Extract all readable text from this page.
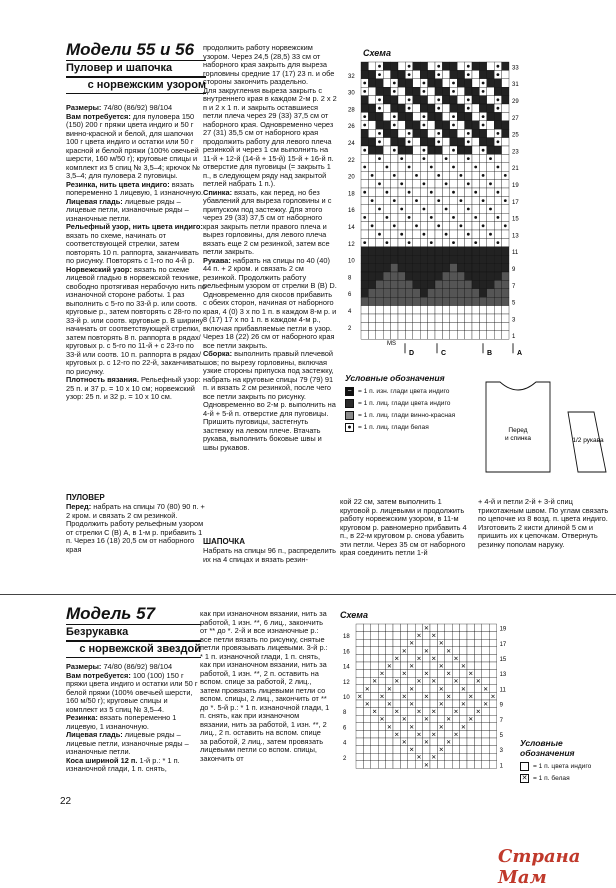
Модели 55 и 56
Пуловер и шапочка
с норвежским узором

Размеры: 74/80 (86/92) 98/104

Вам потребуется: для пуловера 150 (150) 200 г пряжи цвета индиго и 50 г винно-красной и белой, для шапочки 100 г цвета индиго и остатки или 50 г красной и белой пряжи (100% овечьей шерсти, 160 м/50 г); круговые спицы и комплект из 5 спиц № 3,5–4; крючок № 3,5–4; для пуловера 2 пуговицы.

Резинка, нить цвета индиго: вязать попеременно 1 лицевую, 1 изнаночную.

Лицевая гладь: лицевые ряды – лицевые петли, изнаночные ряды – изнаночные петли.

Рельефный узор, нить цвета индиго: вязать по схеме, начинать от соответствующей стрелки, затем повторять 10 п. раппорта, заканчивать по рисунку. Повторять с 1-го по 4-й р.

Норвежский узор: вязать по схеме лицевой гладью в норвежской технике, свободно протягивая нерабочую нить по изнаночной стороне работы. 1 раз выполнить с 5-го по 33-й р. или соотв. круговые р., затем повторять с 28-го по 33-й р. или соотв. круговые р. В ширину начинать от соответствующей стрелки, затем повторять 8 п. раппорта в рядах/круговых р. с 5-го по 11-й + с 23-го по 33-й или соотв. 10 п. раппорта в рядах/круговых р. с 12-го по 22-й, заканчивать по рисунку.

Плотность вязания. Рельефный узор: 25 п. и 37 р. = 10 x 10 см; норвежский узор: 25 п. и 32 р. = 10 x 10 см.

ПУЛОВЕР

Перед: набрать на спицы 70 (80) 90 п. + 2 кром. и связать 2 см резинкой. Продолжить работу рельефным узором от стрелки С (В) А, в 1-м р. прибавить 1 п. Через 16 (18) 20,5 см от наборного края

продолжить работу норвежским узором. Через 24,5 (28,5) 33 см от наборного края закрыть для выреза горловины средние 17 (17) 23 п. и обе стороны закончить раздельно.

Для закругления выреза закрыть с внутреннего края в каждом 2-м р. 2 x 2 п и 2 x 1 п. и закрыть оставшиеся петли плеча через 29 (33) 37,5 см от наборного края. Одновременно через 27 (31) 35,5 см от наборного края продолжить работу для левого плеча резинкой и через 1 см выполнить на 11-й + 12-й (14-й + 15-й) 15-й + 16-й п. отверстие для пуговицы (= закрыть 1 п., в следующем ряду над закрытой петлей набрать 1 п.).

Спинка: вязать, как перед, но без убавлений для выреза горловины и с припуском под застежку. Для этого через 29 (33) 37,5 см от наборного края закрыть петли правого плеча и вырез горловины, для левого плеча вязать еще 2 см резинкой, затем все петли закрыть.

Рукава: набрать на спицы по 40 (40) 44 п. + 2 кром. и связать 2 см резинкой. Продолжить работу рельефным узором от стрелки В (В) D. Одновременно для скосов прибавить с обеих сторон, начиная от наборного края, 4 (0) 3 x по 1 п. в каждом 8-м р. и 8 (17) 17 x по 1 п. в каждом 4-м р., включая прибавляемые петли в узор. Через 18 (22) 26 см от наборного края все петли закрыть.

Сборка: выполнить правый плечевой шов; по вырезу горловины, включая узкие стороны припуска под застежку, набрать на круговые спицы 79 (79) 91 п. и вязать 2 см резинкой, после чего все петли закрыть по рисунку. Одновременно во 2-м р. выполнить на 4-й + 5-й п. отверстие для пуговицы. Пришить пуговицы, застегнуть застежку на левом плече. Втачать рукава, выполнить боковые швы и швы рукавов.

ШАПОЧКА

Набрать на спицы 96 п., распределить их на 4 спицах и вязать резин-

кой 22 см, затем выполнить 1 круговой р. лицевыми и продолжить работу норвежским узором, в 11-м круговом р. равномерно прибавить 4 п., в 22-м круговом р. снова убавить эти петли. Через 35 см от наборного края соединить петли 1-й

+ 4-й и петли 2-й + 3-й спиц трикотажным швом. По углам связать по цепочке из 8 возд. п. цвета индиго. Изготовить 2 кисти длиной 5 см и пришить их к цепочкам. Отвернуть резинку пополам наружу.

Схема
33
31
29
27
25
23
21
19
17
15
13
11
9
7
5
3
1
32
30
28
26
24
22
20
18
16
14
12
10
8
6
4
2
D	C	B	A
MS
Условные обозначения
− = 1 п. изн. глади цвета индиго
= 1 п. лиц. глади цвета индиго
= 1 п. лиц. глади винно-красная
● = 1 п. лиц. глади белая	Перед
и спинка	1/2 рукава
Модель 57
Безрукавка
с норвежской звездой

Размеры: 74/80 (86/92) 98/104

Вам потребуется: 100 (100) 150 г пряжи цвета индиго и остатки или 50 г белой пряжи (100% овечьей шерсти, 160 м/50 г); круговые спицы и комплект из 5 спиц № 3,5–4.

Резинка: вязать попеременно 1 лицевую, 1 изнаночную.

Лицевая гладь: лицевые ряды – лицевые петли, изнаночные ряды – изнаночные петли.

Коса шириной 12 п. 1-й р.: * 1 п. изнаночной глади, 1 п. снять,

как при изнаночном вязании, нить за работой, 1 изн. **, 6 лиц., закончить от ** до *. 2-й и все изнаночные р.: все петли вязать по рисунку, снятые петли провязывать лицевыми. 3-й р.: * 1 п. изнаночной глади, 1 п. снять, как при изнаночном вязании, нить за работой, 1 изн. **, 2 п. оставить на вспом. спице за работой, 2 лиц., затем провязать лицевыми петли со вспом. спицы, 2 лиц., закончить от ** до *. 5-й р.: * 1 п. изнаночной глади, 1 п. снять, как при изнаночном вязании, нить за работой, 1 изн. **, 2 лиц., 2 п. оставить на вспом. спице за работой, 2 лиц., затем провязать лицевыми петли со вспом. спицы, закончить от

Схема
✕
✕ ✕
✕	✕
✕	✕	✕
✕	✕ ✕	✕
✕	✕	✕	✕
✕	✕	✕	✕	✕
✕	✕	✕ ✕	✕	✕
✕	✕	✕	✕	✕	✕
✕	✕	✕	✕	✕	✕	✕
✕	✕	✕	✕	✕	✕
✕	✕	✕ ✕	✕	✕
✕	✕	✕	✕	✕
✕	✕	✕	✕
✕	✕ ✕	✕
✕	✕	✕
✕	✕
✕ ✕
✕
19
17
15
13
11
9
7
5
3
1
18
16
14
12
10
8
6
4
2
Условные обозначения
= 1 п. цвета индиго
✕ = 1 п. белая
22
Страна Мам
